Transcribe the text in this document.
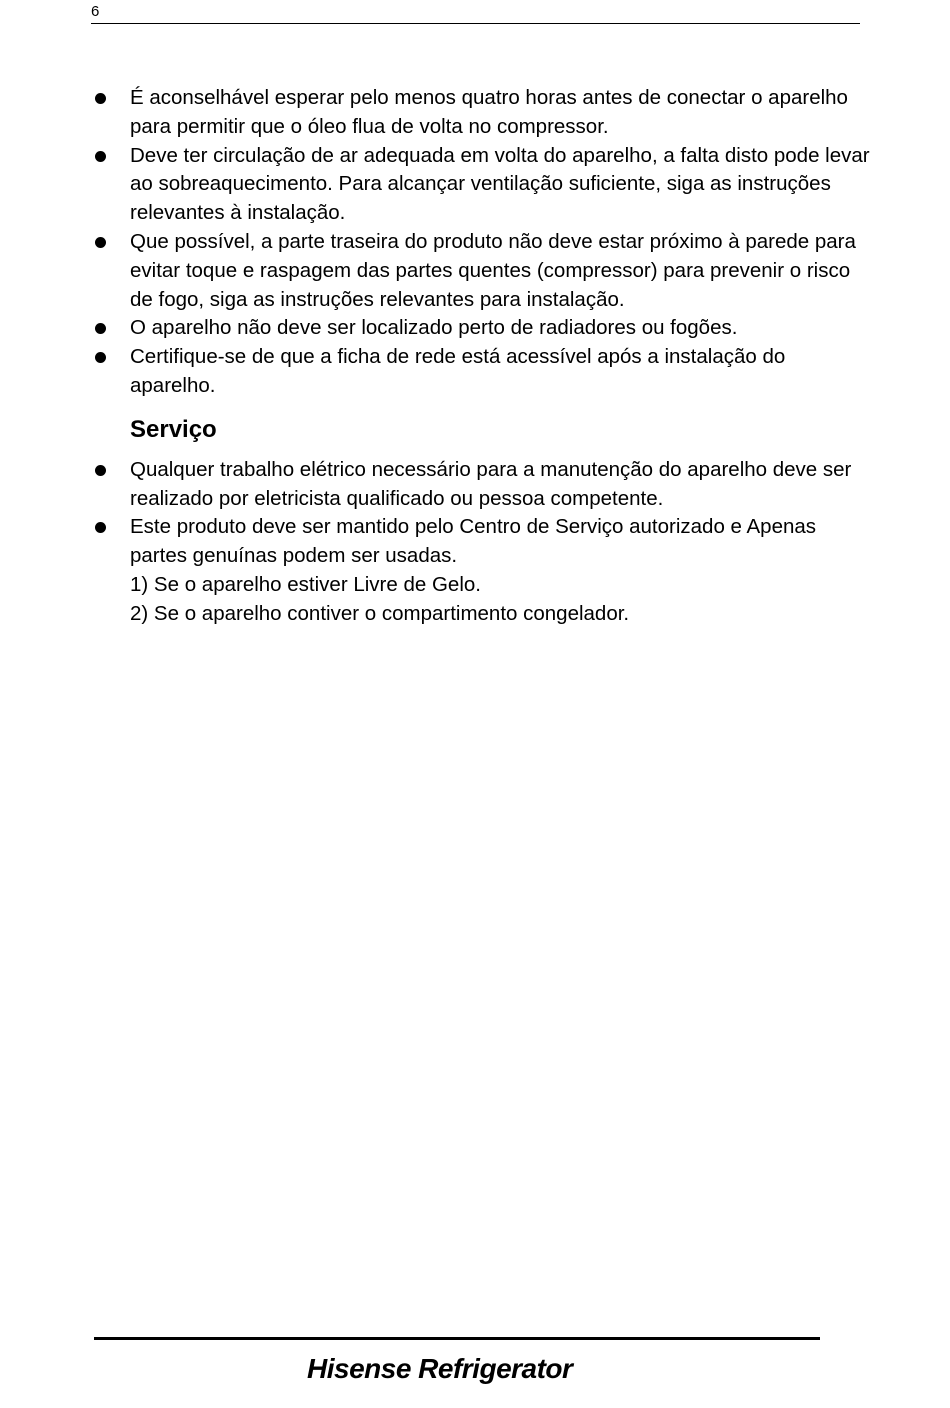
6
É aconselhável esperar pelo menos quatro horas antes de conectar o aparelho para permitir que o óleo flua de volta no compressor.
Deve ter circulação de ar adequada em volta do aparelho, a falta disto pode levar ao sobreaquecimento. Para alcançar ventilação suficiente, siga as instruções relevantes à instalação.
Que possível, a parte traseira do produto não deve estar próximo à parede para evitar toque e raspagem das partes quentes (compressor) para prevenir o risco de fogo, siga as instruções relevantes para instalação.
O aparelho não deve ser localizado perto de radiadores ou fogões.
Certifique-se de que a ficha de rede está acessível após a instalação do aparelho.
Serviço
Qualquer trabalho elétrico necessário para a manutenção do aparelho deve ser realizado por eletricista qualificado ou pessoa competente.
Este produto deve ser mantido pelo Centro de Serviço autorizado e Apenas partes genuínas podem ser usadas.
1) Se o aparelho estiver Livre de Gelo.
2) Se o aparelho contiver o compartimento congelador.
Hisense Refrigerator
